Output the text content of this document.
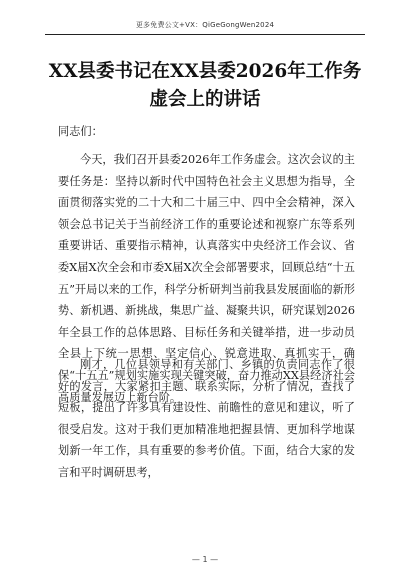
更多免费公文+VX：QiGeGongWen2024
XX县委书记在XX县委2026年工作务虚会上的讲话
同志们：
今天，我们召开县委2026年工作务虚会。这次会议的主要任务是：坚持以新时代中国特色社会主义思想为指导，全面贯彻落实党的二十大和二十届三中、四中全会精神，深入领会总书记关于当前经济工作的重要论述和视察广东等系列重要讲话、重要指示精神，认真落实中央经济工作会议、省委X届X次全会和市委X届X次全会部署要求，回顾总结“十五五”开局以来的工作，科学分析研判当前我县发展面临的新形势、新机遇、新挑战，集思广益、凝聚共识，研究谋划2026年全县工作的总体思路、目标任务和关键举措，进一步动员全县上下统一思想、坚定信心、锐意进取、真抓实干，确保“十五五”规划实施实现关键突破，奋力推动XX县经济社会高质量发展迈上新台阶。
刚才，几位县领导和有关部门、乡镇的负责同志作了很好的发言，大家紧扣主题、联系实际，分析了情况，查找了短板，提出了许多具有建设性、前瞻性的意见和建议，听了很受启发。这对于我们更加精准地把握县情、更加科学地谋划新一年工作，具有重要的参考价值。下面，结合大家的发言和平时调研思考，
— 1 —
